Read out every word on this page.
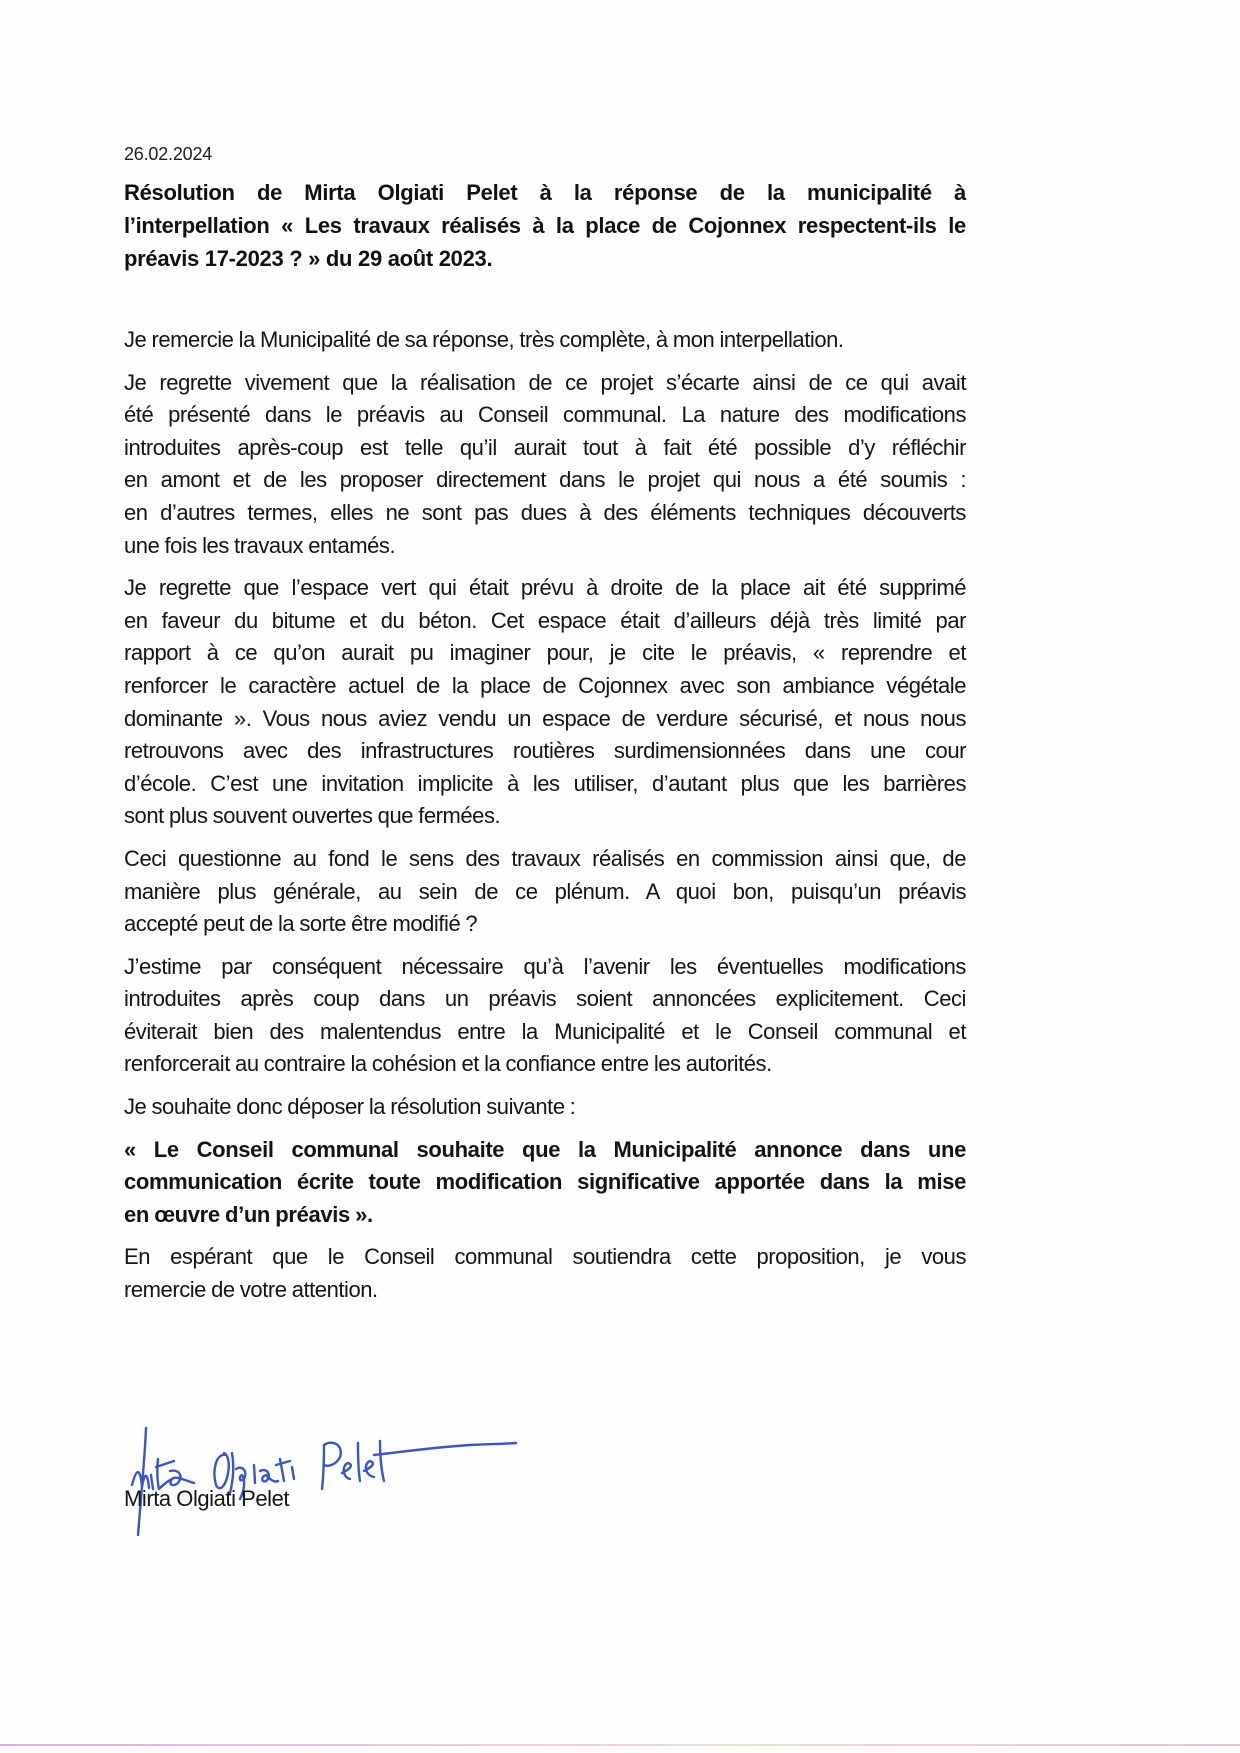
26.02.2024
Résolution de Mirta Olgiati Pelet à la réponse de la municipalité à
l’interpellation « Les travaux réalisés à la place de Cojonnex respectent-ils le
préavis 17-2023 ? » du 29 août 2023.
Je remercie la Municipalité de sa réponse, très complète, à mon interpellation.
Je regrette vivement que la réalisation de ce projet s’écarte ainsi de ce qui avait
été présenté dans le préavis au Conseil communal. La nature des modifications
introduites après-coup est telle qu’il aurait tout à fait été possible d’y réfléchir
en amont et de les proposer directement dans le projet qui nous a été soumis :
en d’autres termes, elles ne sont pas dues à des éléments techniques découverts
une fois les travaux entamés.
Je regrette que l’espace vert qui était prévu à droite de la place ait été supprimé
en faveur du bitume et du béton. Cet espace était d’ailleurs déjà très limité par
rapport à ce qu’on aurait pu imaginer pour, je cite le préavis, « reprendre et
renforcer le caractère actuel de la place de Cojonnex avec son ambiance végétale
dominante ». Vous nous aviez vendu un espace de verdure sécurisé, et nous nous
retrouvons avec des infrastructures routières surdimensionnées dans une cour
d’école. C’est une invitation implicite à les utiliser, d’autant plus que les barrières
sont plus souvent ouvertes que fermées.
Ceci questionne au fond le sens des travaux réalisés en commission ainsi que, de
manière plus générale, au sein de ce plénum. A quoi bon, puisqu’un préavis
accepté peut de la sorte être modifié ?
J’estime par conséquent nécessaire qu’à l’avenir les éventuelles modifications
introduites après coup dans un préavis soient annoncées explicitement. Ceci
éviterait bien des malentendus entre la Municipalité et le Conseil communal et
renforcerait au contraire la cohésion et la confiance entre les autorités.
Je souhaite donc déposer la résolution suivante :
« Le Conseil communal souhaite que la Municipalité annonce dans une
communication écrite toute modification significative apportée dans la mise
en œuvre d’un préavis ».
En espérant que le Conseil communal soutiendra cette proposition, je vous
remercie de votre attention.
Mirta Olgiati Pelet
